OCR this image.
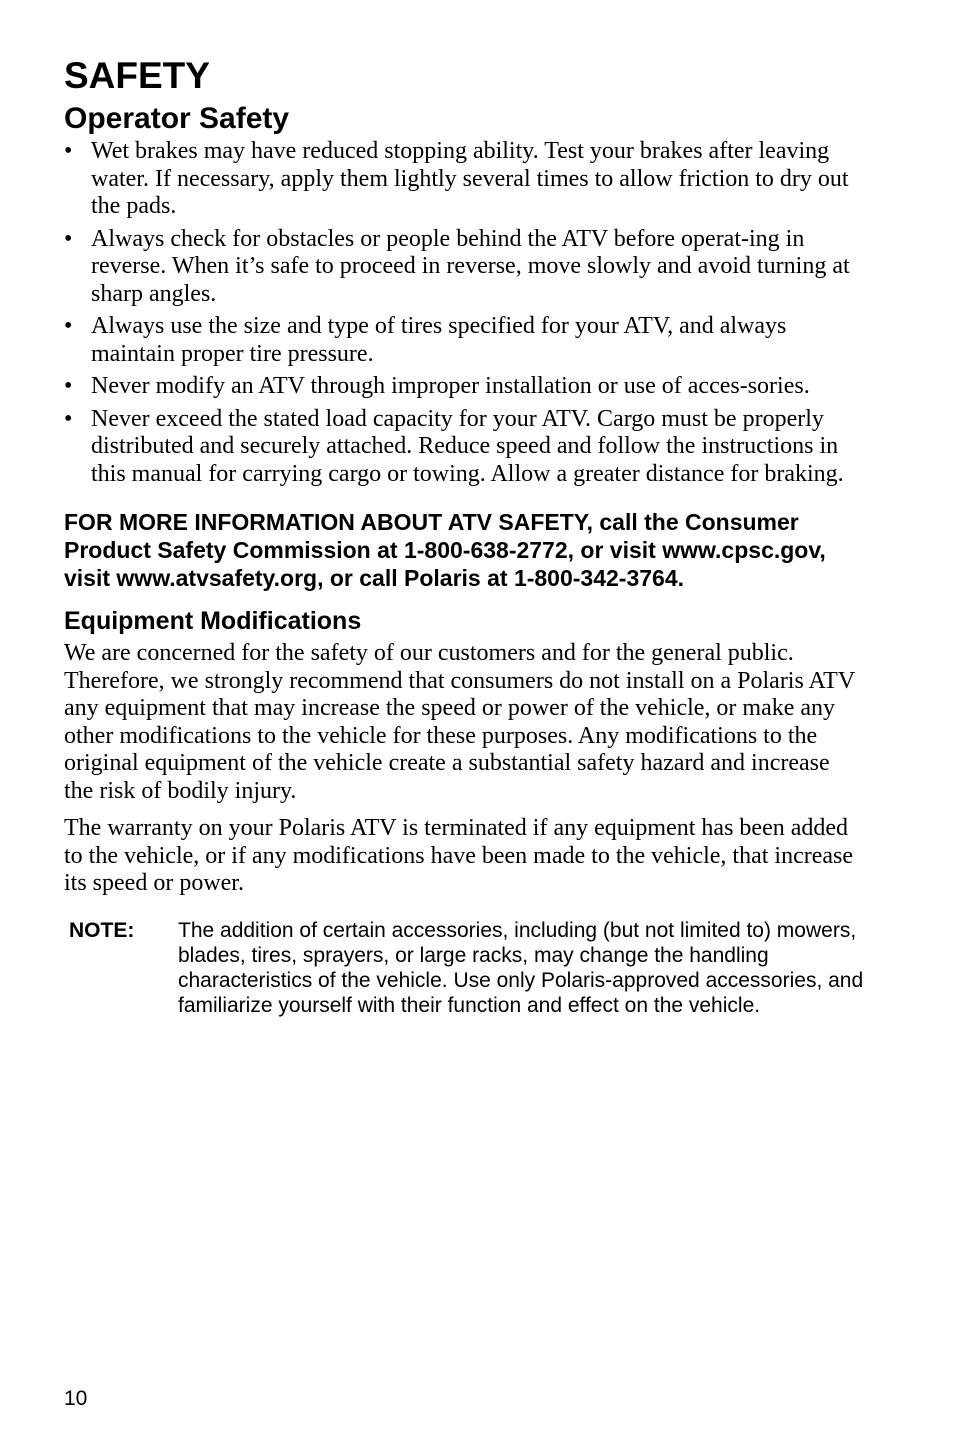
SAFETY
Operator Safety
• Wet brakes may have reduced stopping ability. Test your brakes after leaving water. If necessary, apply them lightly several times to allow friction to dry out the pads.
• Always check for obstacles or people behind the ATV before operat-ing in reverse. When it’s safe to proceed in reverse, move slowly and avoid turning at sharp angles.
• Always use the size and type of tires specified for your ATV, and always maintain proper tire pressure.
• Never modify an ATV through improper installation or use of acces-sories.
• Never exceed the stated load capacity for your ATV. Cargo must be properly distributed and securely attached. Reduce speed and follow the instructions in this manual for carrying cargo or towing. Allow a greater distance for braking.

FOR MORE INFORMATION ABOUT ATV SAFETY, call the Consumer Product Safety Commission at 1-800-638-2772, or visit www.cpsc.gov, visit www.atvsafety.org, or call Polaris at 1-800-342-3764.

Equipment Modifications

We are concerned for the safety of our customers and for the general public. Therefore, we strongly recommend that consumers do not install on a Polaris ATV any equipment that may increase the speed or power of the vehicle, or make any other modifications to the vehicle for these purposes. Any modifications to the original equipment of the vehicle create a substantial safety hazard and increase the risk of bodily injury.

The warranty on your Polaris ATV is terminated if any equipment has been added to the vehicle, or if any modifications have been made to the vehicle, that increase its speed or power.

NOTE:	The addition of certain accessories, including (but not limited to) mowers, blades, tires, sprayers, or large racks, may change the handling characteristics of the vehicle. Use only Polaris-approved accessories, and familiarize yourself with their function and effect on the vehicle.
10
